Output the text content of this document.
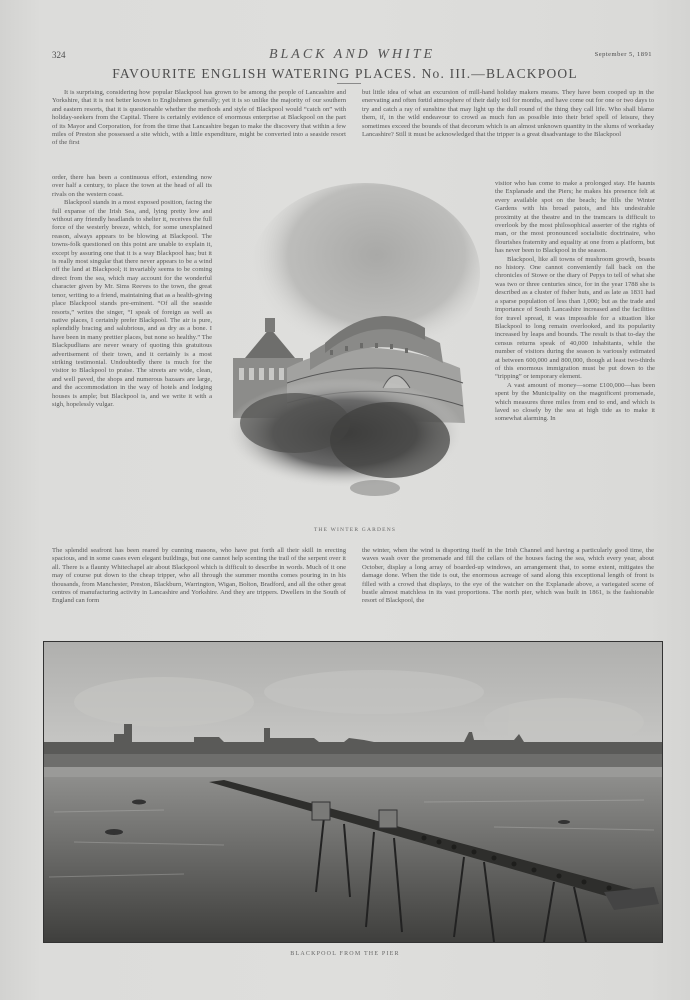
324	BLACK AND WHITE	September 5, 1891
FAVOURITE ENGLISH WATERING PLACES. No. III.—BLACKPOOL

It is surprising, considering how popular Blackpool has grown to be among the people of Lancashire and Yorkshire, that it is not better known to Englishmen generally; yet it is so unlike the majority of our southern and eastern resorts, that it is questionable whether the methods and style of Blackpool would “catch on” with holiday-seekers from the Capital. There is certainly evidence of enormous enterprise at Blackpool on the part of its Mayor and Corporation, for from the time that Lancashire began to make the discovery that within a few miles of Preston she possessed a site which, with a little expenditure, might be converted into a seaside resort of the first

but little idea of what an excursion of mill-hand holiday makers means. They have been cooped up in the enervating and often fœtid atmosphere of their daily toil for months, and have come out for one or two days to try and catch a ray of sunshine that may light up the dull round of the thing they call life. Who shall blame them, if, in the wild endeavour to crowd as much fun as possible into their brief spell of leisure, they sometimes exceed the bounds of that decorum which is an almost unknown quantity in the slums of workaday Lancashire? Still it must be acknowledged that the tripper is a great disadvantage to the Blackpool

order, there has been a continuous effort, extending now over half a century, to place the town at the head of all its rivals on the western coast.

Blackpool stands in a most exposed position, facing the full expanse of the Irish Sea, and, lying pretty low and without any friendly headlands to shelter it, receives the full force of the westerly breeze, which, for some unexplained reason, always appears to be blowing at Blackpool. The towns-folk questioned on this point are unable to explain it, except by assuring one that it is a way Blackpool has; but it is really most singular that there never appears to be a wind off the land at Blackpool; it invariably seems to be coming direct from the sea, which may account for the wonderful character given by Mr. Sims Reeves to the town, the great tenor, writing to a friend, maintaining that as a health-giving place Blackpool stands pre-eminent. “Of all the seaside resorts,” writes the singer, “I speak of foreign as well as native places, I certainly prefer Blackpool. The air is pure, splendidly bracing and salubrious, and as dry as a bone. I have been in many prettier places, but none so healthy.” The Blackpudlians are never weary of quoting this gratuitous advertisement of their town, and it certainly is a most striking testimonial. Undoubtedly there is much for the visitor to Blackpool to praise. The streets are wide, clean, and well paved, the shops and numerous bazaars are large, and the accommodation in the way of hotels and lodging houses is ample; but Blackpool is, and we write it with a sigh, hopelessly vulgar.

visitor who has come to make a prolonged stay. He haunts the Explanade and the Piers; he makes his presence felt at every available spot on the beach; he fills the Winter Gardens with his broad patois, and his undesirable proximity at the theatre and in the tramcars is difficult to overlook by the most philosophical asserter of the rights of man, or the most pronounced socialistic doctrinaire, who flourishes fraternity and equality at one from a platform, but has never been to Blackpool in the season.

Blackpool, like all towns of mushroom growth, boasts no history. One cannot conveniently fall back on the chronicles of Stowe or the diary of Pepys to tell of what she was two or three centuries since, for in the year 1788 she is described as a cluster of fisher huts, and as late as 1831 had a sparse population of less than 1,000; but as the trade and importance of South Lancashire increased and the facilities for travel spread, it was impossible for a situation like Blackpool to long remain overlooked, and its popularity increased by leaps and bounds. The result is that to-day the census returns speak of 40,000 inhabitants, while the number of visitors during the season is variously estimated at between 600,000 and 800,000, though at least two-thirds of this enormous immigration must be put down to the “tripping” or temporary element.

A vast amount of money—some £100,000—has been spent by the Municipality on the magnificent promenade, which measures three miles from end to end, and which is laved so closely by the sea at high tide as to make it somewhat alarming. In

The splendid seafront has been reared by cunning masons, who have put forth all their skill in erecting spacious, and in some cases even elegant buildings, but one cannot help scenting the trail of the serpent over it all. There is a flaunty Whitechapel air about Blackpool which is difficult to describe in words. Much of it one may of course put down to the cheap tripper, who all through the summer months comes pouring in in his thousands, from Manchester, Preston, Blackburn, Warrington, Wigan, Bolton, Bradford, and all the other great centres of manufacturing activity in Lancashire and Yorkshire. And they are trippers. Dwellers in the South of England can form

the winter, when the wind is disporting itself in the Irish Channel and having a particularly good time, the waves wash over the promenade and fill the cellars of the houses facing the sea, which every year, about October, display a long array of boarded-up windows, an arrangement that, to some extent, mitigates the damage done. When the tide is out, the enormous acreage of sand along this exceptional length of front is filled with a crowd that displays, to the eye of the watcher on the Explanade above, a variegated scene of bustle almost matchless in its vast proportions. The north pier, which was built in 1861, is the fashionable resort of Blackpool, the

THE WINTER GARDENS
BLACKPOOL FROM THE PIER
